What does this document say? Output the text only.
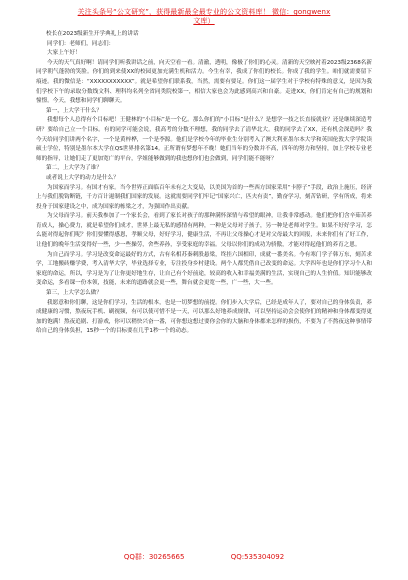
关注头条号“公文研究”，获得最新最全最专业的公文资料库！ 微信：gongwenx
文库）

校长在2023级新生开学典礼上的讲话

同学们：老师们，同志们：

大家上午好！

今天的天气真好啊！请同学们听我讲话之前，向天空看一看。清澈，透明，像极了你们的心灵。清新的天空映衬着2023级2368名新同学朝气蓬勃的笑脸。你们的到来使XX的校园更加充满生机和活力。今生有幸，我成了你们的校长。你成了我的学生。咱们就需要留下痕迹。我的微信是：“XXXXXXXXXXX”。就是希望你们联系我，当然，需要有要足。你们这一届学生对于学校有特殊的意义，是因为我们学校下午的录取分数线文科、理科均名列全省同类院校第一，相信大家也会为此感到高兴和自豪。走进XX，你们肯定有自己的规划和憧憬。今天，我想和同学们聊聊天。

第一，上大学干什么？

我想每个人总得有个目标吧！王健林的“小目标”是一个亿。那么你们的“小目标”是什么？是想学一技之长直接就业？还是继续深造考研？要给自己立一个目标。有的同学可能会说，我高考的分数不理想，我的同学去了清华北大。我的同学去了XX，还有机会深造吗？我今天给同学们讲两个名字，一个是黄梓桦，一个是李源。他们是学校今年的毕业生分别考入了澳大利亚墨尔本大学和英国伦敦大学学院读硕士学位，特别是墨尔本大学在QS世界排名第14。正所谓有梦想年不晚！她们当年的分数并不高，四年的努力和坚持，加上学校专业老师的指导，让她们走了更加宽广的平台，学姐能够做到的我也想你们也会做到，同学们能不能呀？

第二，上大学为了谁？

或者说上大学的动力是什么？

为国家而学习。有国才有家。当今世界正面临百年未有之大变局，以美国为首的一些西方国家采用“卡脖子”手段，政治上施压，经济上与我们脱钩断链，千方百计遏制我们国家的发展。这就需要同学们牢记“国家兴亡，匹夫有责”，勤奋学习，刻苦钻研，学有所成，将来投身于国家建设之中，成为国家的栋梁之才，为强国作出贡献。

为父母而学习。前天我参加了一个家长会，看到了家长对孩子的那种满怀深情与希望的眼神，让我非常感动。他们把你们含辛茹苦养育成人，操心费力，就是希望你们成才，世界上最无私的感情有两种，一种是父母对子孩子，另一种是老师对学生。如果不好好学习，怎么能对得起你们呢？你们要懂得感恩，孝顺父母，好好学习，健康生活，不再让父母操心才是对父母最大的回报，未来你们有了好工作，让他们的晚年生活变得好一些，少一些操劳，舍些养孙，享受家庭的幸福。父母以你们的成功为骄傲，才能对得起他们的养育之恩。

为自己而学习。学习是改变命运最好的方式，古有名相苏秦刺股悬梁，终挂六国相印，成就一番美名。今有寒门学子韩万东，刻苦求学，工地搬砖赚学费，考入清华大学，毕业选择专业，专注投身乡村建设。两个人都凭借自己改变的命运。大学四年也是你们学习个人和家庭的命运，所以，学习是为了让你更好地生存，让自己有个好前途，较高的收入和幸福美满的生活，实现自己的人生价值。知识能够改变命运，多看课一份本领，技能，未来的道路就会更一些，舞台就会更宽一些，广一些，大一些。

第三，上大学怎么做？

我愿意和你们聊，这是你们学习，生活的根本，也是一切梦想的前提。你们步入大学后，已经是成年人了，要对自己的身体负责，养成健康的习惯，熬夜玩手机、刷视频，有可以使可惜不是一天，可以那么好地养成规律，可以坚持运动会会使你们的精神和身体都变得更加的饱满！熬夜追剧、打游戏，你可以稍快兴奋一番，可你想这想过要你会你的大脑和身体都来怎样的损伤，不要为了不熬夜这种事情带给自己的身体负担，15秒一个的目标要在几乎1秒一个的动态。

QQ群：30265665	QQ:535304092
